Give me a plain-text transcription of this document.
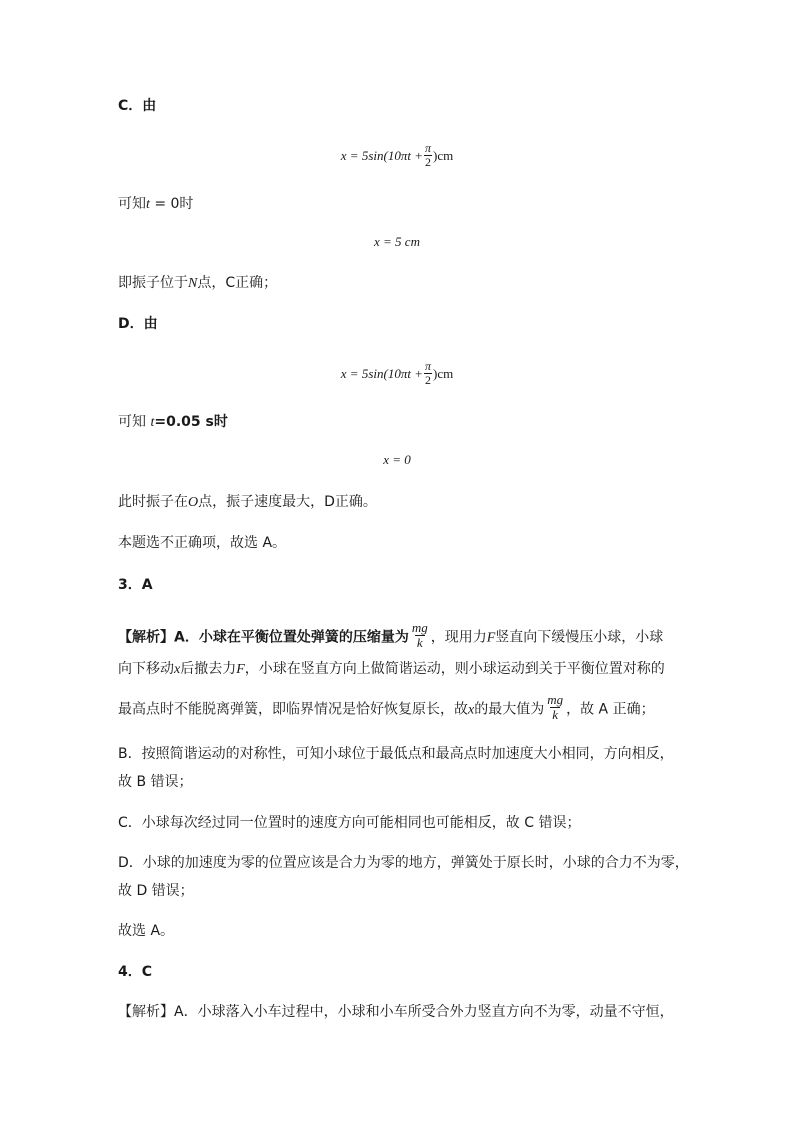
C．由
$x = 5\sin(10\pi t + \frac{\pi}{2} )cm$
可知t = 0时
x = 5 cm
即振子位于N点，C正确；
D．由
$x = 5\sin(10\pi t + \frac{\pi}{2} )cm$
可知 t=0.05 s时
x = 0
此时振子在O点，振子速度最大，D正确。
本题选不正确项，故选 A。
3．A
【解析】A．小球在平衡位置处弹簧的压缩量为 $\frac{mg}{k}$ ，现用力F竖直向下缓慢压小球，小球
向下移动x后撤去力F，小球在竖直方向上做简谐运动，则小球运动到关于平衡位置对称的
最高点时不能脱离弹簧，即临界情况是恰好恢复原长，故x的最大值为 $\frac{mg}{k}$ ，故 A 正确；
B．按照简谐运动的对称性，可知小球位于最低点和最高点时加速度大小相同，方向相反，
故 B 错误；
C．小球每次经过同一位置时的速度方向可能相同也可能相反，故 C 错误；
D．小球的加速度为零的位置应该是合力为零的地方，弹簧处于原长时，小球的合力不为零，
故 D 错误；
故选 A。
4．C
【解析】A．小球落入小车过程中，小球和小车所受合外力竖直方向不为零，动量不守恒，
